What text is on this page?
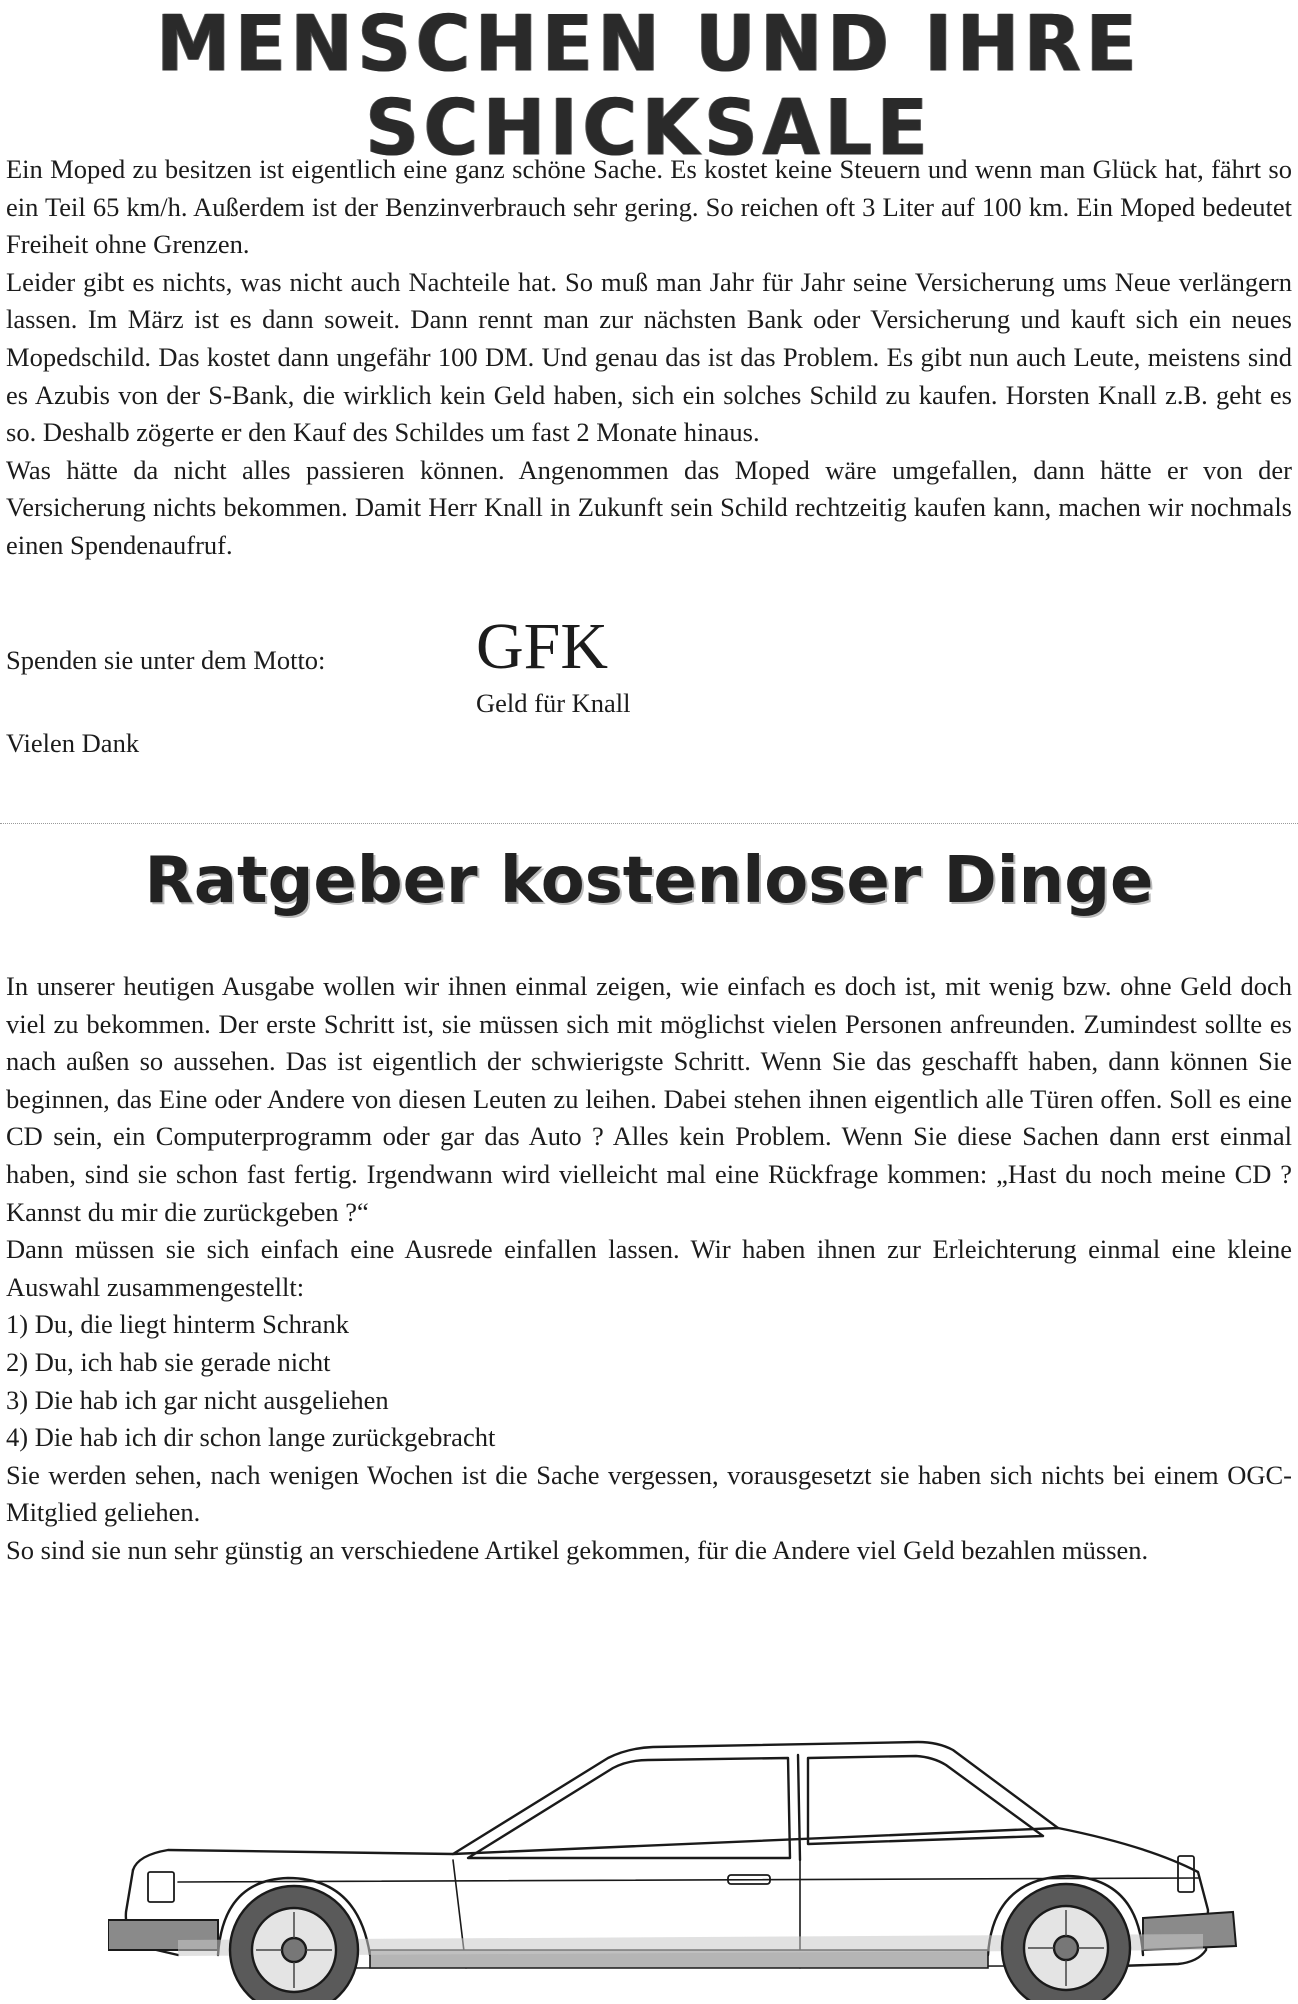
MENSCHEN UND IHRE SCHICKSALE

Ein Moped zu besitzen ist eigentlich eine ganz schöne Sache. Es kostet keine Steuern und wenn man Glück hat, fährt so ein Teil 65 km/h. Außerdem ist der Benzinverbrauch sehr gering. So reichen oft 3 Liter auf 100 km. Ein Moped bedeutet Freiheit ohne Grenzen.

Leider gibt es nichts, was nicht auch Nachteile hat. So muß man Jahr für Jahr seine Versicherung ums Neue verlängern lassen. Im März ist es dann soweit. Dann rennt man zur nächsten Bank oder Versicherung und kauft sich ein neues Mopedschild. Das kostet dann ungefähr 100 DM. Und genau das ist das Problem. Es gibt nun auch Leute, meistens sind es Azubis von der S-Bank, die wirklich kein Geld haben, sich ein solches Schild zu kaufen. Horsten Knall z.B. geht es so. Deshalb zögerte er den Kauf des Schildes um fast 2 Monate hinaus.

Was hätte da nicht alles passieren können. Angenommen das Moped wäre umgefallen, dann hätte er von der Versicherung nichts bekommen. Damit Herr Knall in Zukunft sein Schild rechtzeitig kaufen kann, machen wir nochmals einen Spendenaufruf.

Spenden sie unter dem Motto: GFK
Geld für Knall
Vielen Dank
Ratgeber kostenloser Dinge

In unserer heutigen Ausgabe wollen wir ihnen einmal zeigen, wie einfach es doch ist, mit wenig bzw. ohne Geld doch viel zu bekommen. Der erste Schritt ist, sie müssen sich mit möglichst vielen Personen anfreunden. Zumindest sollte es nach außen so aussehen. Das ist eigentlich der schwierigste Schritt. Wenn Sie das geschafft haben, dann können Sie beginnen, das Eine oder Andere von diesen Leuten zu leihen. Dabei stehen ihnen eigentlich alle Türen offen. Soll es eine CD sein, ein Computerprogramm oder gar das Auto ? Alles kein Problem. Wenn Sie diese Sachen dann erst einmal haben, sind sie schon fast fertig. Irgendwann wird vielleicht mal eine Rückfrage kommen: „Hast du noch meine CD ? Kannst du mir die zurückgeben ?“

Dann müssen sie sich einfach eine Ausrede einfallen lassen. Wir haben ihnen zur Erleichterung einmal eine kleine Auswahl zusammengestellt:

1) Du, die liegt hinterm Schrank

2) Du, ich hab sie gerade nicht

3) Die hab ich gar nicht ausgeliehen

4) Die hab ich dir schon lange zurückgebracht

Sie werden sehen, nach wenigen Wochen ist die Sache vergessen, vorausgesetzt sie haben sich nichts bei einem OGC-Mitglied geliehen.

So sind sie nun sehr günstig an verschiedene Artikel gekommen, für die Andere viel Geld bezahlen müssen.
